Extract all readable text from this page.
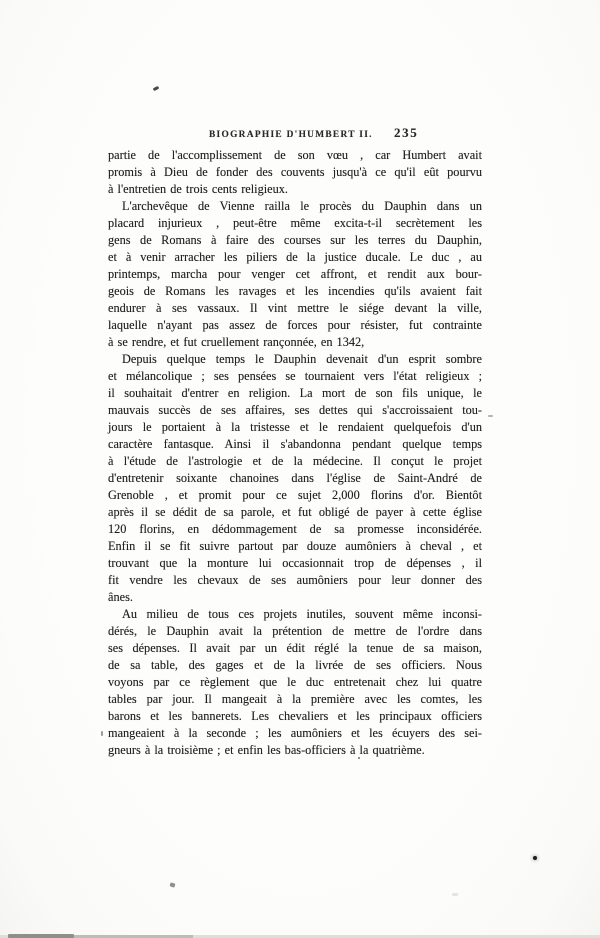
BIOGRAPHIE D'HUMBERT II. 235
partie de l'accomplissement de son vœu , car Humbert avait
promis à Dieu de fonder des couvents jusqu'à ce qu'il eût pourvu
à l'entretien de trois cents religieux.
L'archevêque de Vienne railla le procès du Dauphin dans un
placard injurieux , peut-être même excita-t-il secrètement les
gens de Romans à faire des courses sur les terres du Dauphin,
et à venir arracher les piliers de la justice ducale. Le duc , au
printemps, marcha pour venger cet affront, et rendit aux bour-
geois de Romans les ravages et les incendies qu'ils avaient fait
endurer à ses vassaux. Il vint mettre le siége devant la ville,
laquelle n'ayant pas assez de forces pour résister, fut contrainte
à se rendre, et fut cruellement rançonnée, en 1342,
Depuis quelque temps le Dauphin devenait d'un esprit sombre
et mélancolique ; ses pensées se tournaient vers l'état religieux ;
il souhaitait d'entrer en religion. La mort de son fils unique, le
mauvais succès de ses affaires, ses dettes qui s'accroissaient tou-
jours le portaient à la tristesse et le rendaient quelquefois d'un
caractère fantasque. Ainsi il s'abandonna pendant quelque temps
à l'étude de l'astrologie et de la médecine. Il conçut le projet
d'entretenir soixante chanoines dans l'église de Saint-André de
Grenoble , et promit pour ce sujet 2,000 florins d'or. Bientôt
après il se dédit de sa parole, et fut obligé de payer à cette église
120 florins, en dédommagement de sa promesse inconsidérée.
Enfin il se fit suivre partout par douze aumôniers à cheval , et
trouvant que la monture lui occasionnait trop de dépenses , il
fit vendre les chevaux de ses aumôniers pour leur donner des
ânes.
Au milieu de tous ces projets inutiles, souvent même inconsi-
dérés, le Dauphin avait la prétention de mettre de l'ordre dans
ses dépenses. Il avait par un édit réglé la tenue de sa maison,
de sa table, des gages et de la livrée de ses officiers. Nous
voyons par ce règlement que le duc entretenait chez lui quatre
tables par jour. Il mangeait à la première avec les comtes, les
barons et les bannerets. Les chevaliers et les principaux officiers
mangeaient à la seconde ; les aumôniers et les écuyers des sei-
gneurs à la troisième ; et enfin les bas-officiers à la quatrième.
